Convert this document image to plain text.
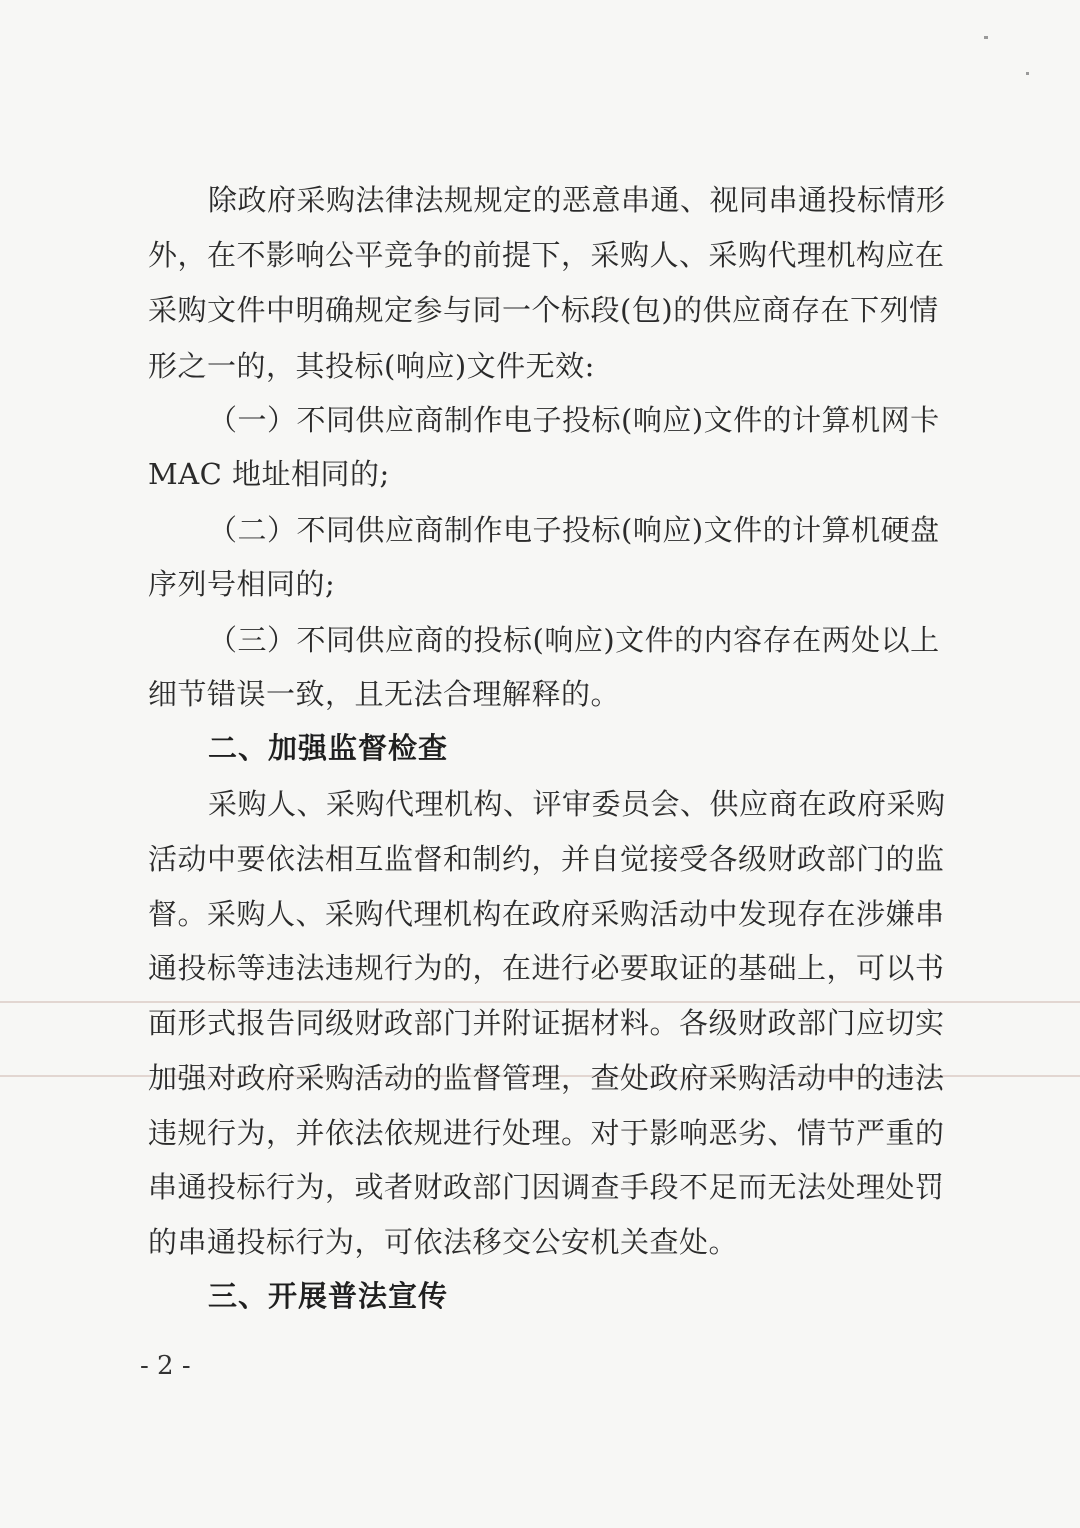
除政府采购法律法规规定的恶意串通、视同串通投标情形
外，在不影响公平竞争的前提下，采购人、采购代理机构应在
采购文件中明确规定参与同一个标段(包)的供应商存在下列情
形之一的，其投标(响应)文件无效:
（一）不同供应商制作电子投标(响应)文件的计算机网卡
MAC 地址相同的;
（二）不同供应商制作电子投标(响应)文件的计算机硬盘
序列号相同的;
（三）不同供应商的投标(响应)文件的内容存在两处以上
细节错误一致，且无法合理解释的。
二、加强监督检查
采购人、采购代理机构、评审委员会、供应商在政府采购
活动中要依法相互监督和制约，并自觉接受各级财政部门的监
督。采购人、采购代理机构在政府采购活动中发现存在涉嫌串
通投标等违法违规行为的，在进行必要取证的基础上，可以书
面形式报告同级财政部门并附证据材料。各级财政部门应切实
加强对政府采购活动的监督管理，查处政府采购活动中的违法
违规行为，并依法依规进行处理。对于影响恶劣、情节严重的
串通投标行为，或者财政部门因调查手段不足而无法处理处罚
的串通投标行为，可依法移交公安机关查处。
三、开展普法宣传
- 2 -
